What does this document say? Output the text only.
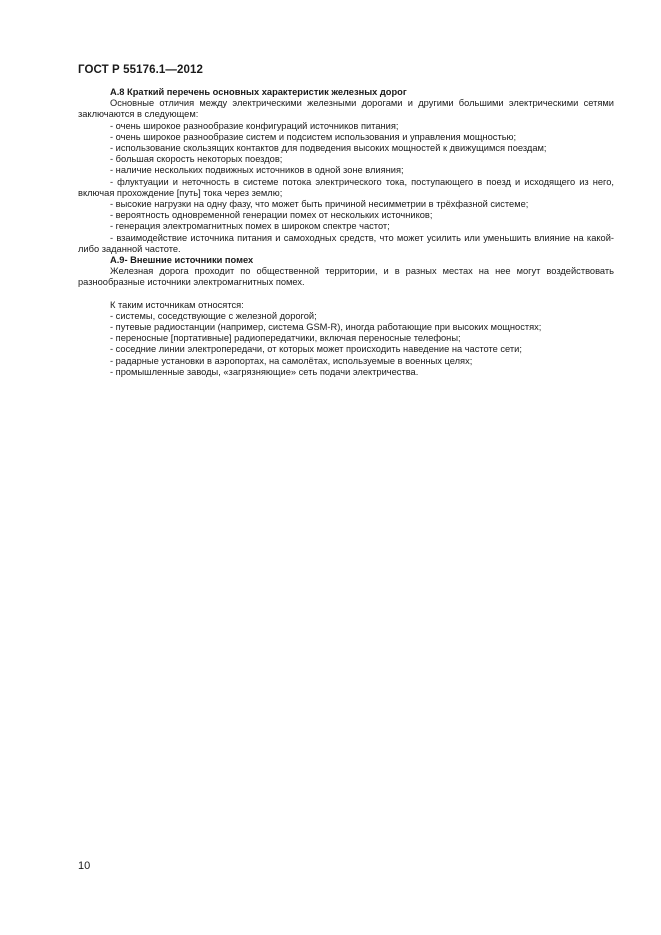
ГОСТ Р 55176.1—2012

А.8 Краткий перечень основных характеристик железных дорог

Основные отличия между электрическими железными дорогами и другими большими электрическими сетями заключаются в следующем:

- очень широкое разнообразие конфигураций источников питания;

- очень широкое разнообразие систем и подсистем использования и управления мощностью;

- использование скользящих контактов для подведения высоких мощностей к движущимся поездам;

- большая скорость некоторых поездов;

- наличие нескольких подвижных источников в одной зоне влияния;

- флуктуации и неточность в системе потока электрического тока, поступающего в поезд и исходящего из него, включая прохождение [путь] тока через землю;

- высокие нагрузки на одну фазу, что может быть причиной несимметрии в трёхфазной системе;

- вероятность одновременной генерации помех от нескольких источников;

- генерация электромагнитных помех в широком спектре частот;

- взаимодействие источника питания и самоходных средств, что может усилить или уменьшить влияние на какой-либо заданной частоте.

А.9- Внешние источники помех

Железная дорога проходит по общественной территории, и в разных местах на нее могут воздействовать разнообразные источники электромагнитных помех.

К таким источникам относятся:

- системы, соседствующие с железной дорогой;

- путевые радиостанции (например, система GSM-R), иногда работающие при высоких мощностях;

- переносные [портативные] радиопередатчики, включая переносные телефоны;

- соседние линии электропередачи, от которых может происходить наведение на частоте сети;

- радарные установки в аэропортах, на самолётах, используемые в военных целях;

- промышленные заводы, «загрязняющие» сеть подачи электричества.

10
